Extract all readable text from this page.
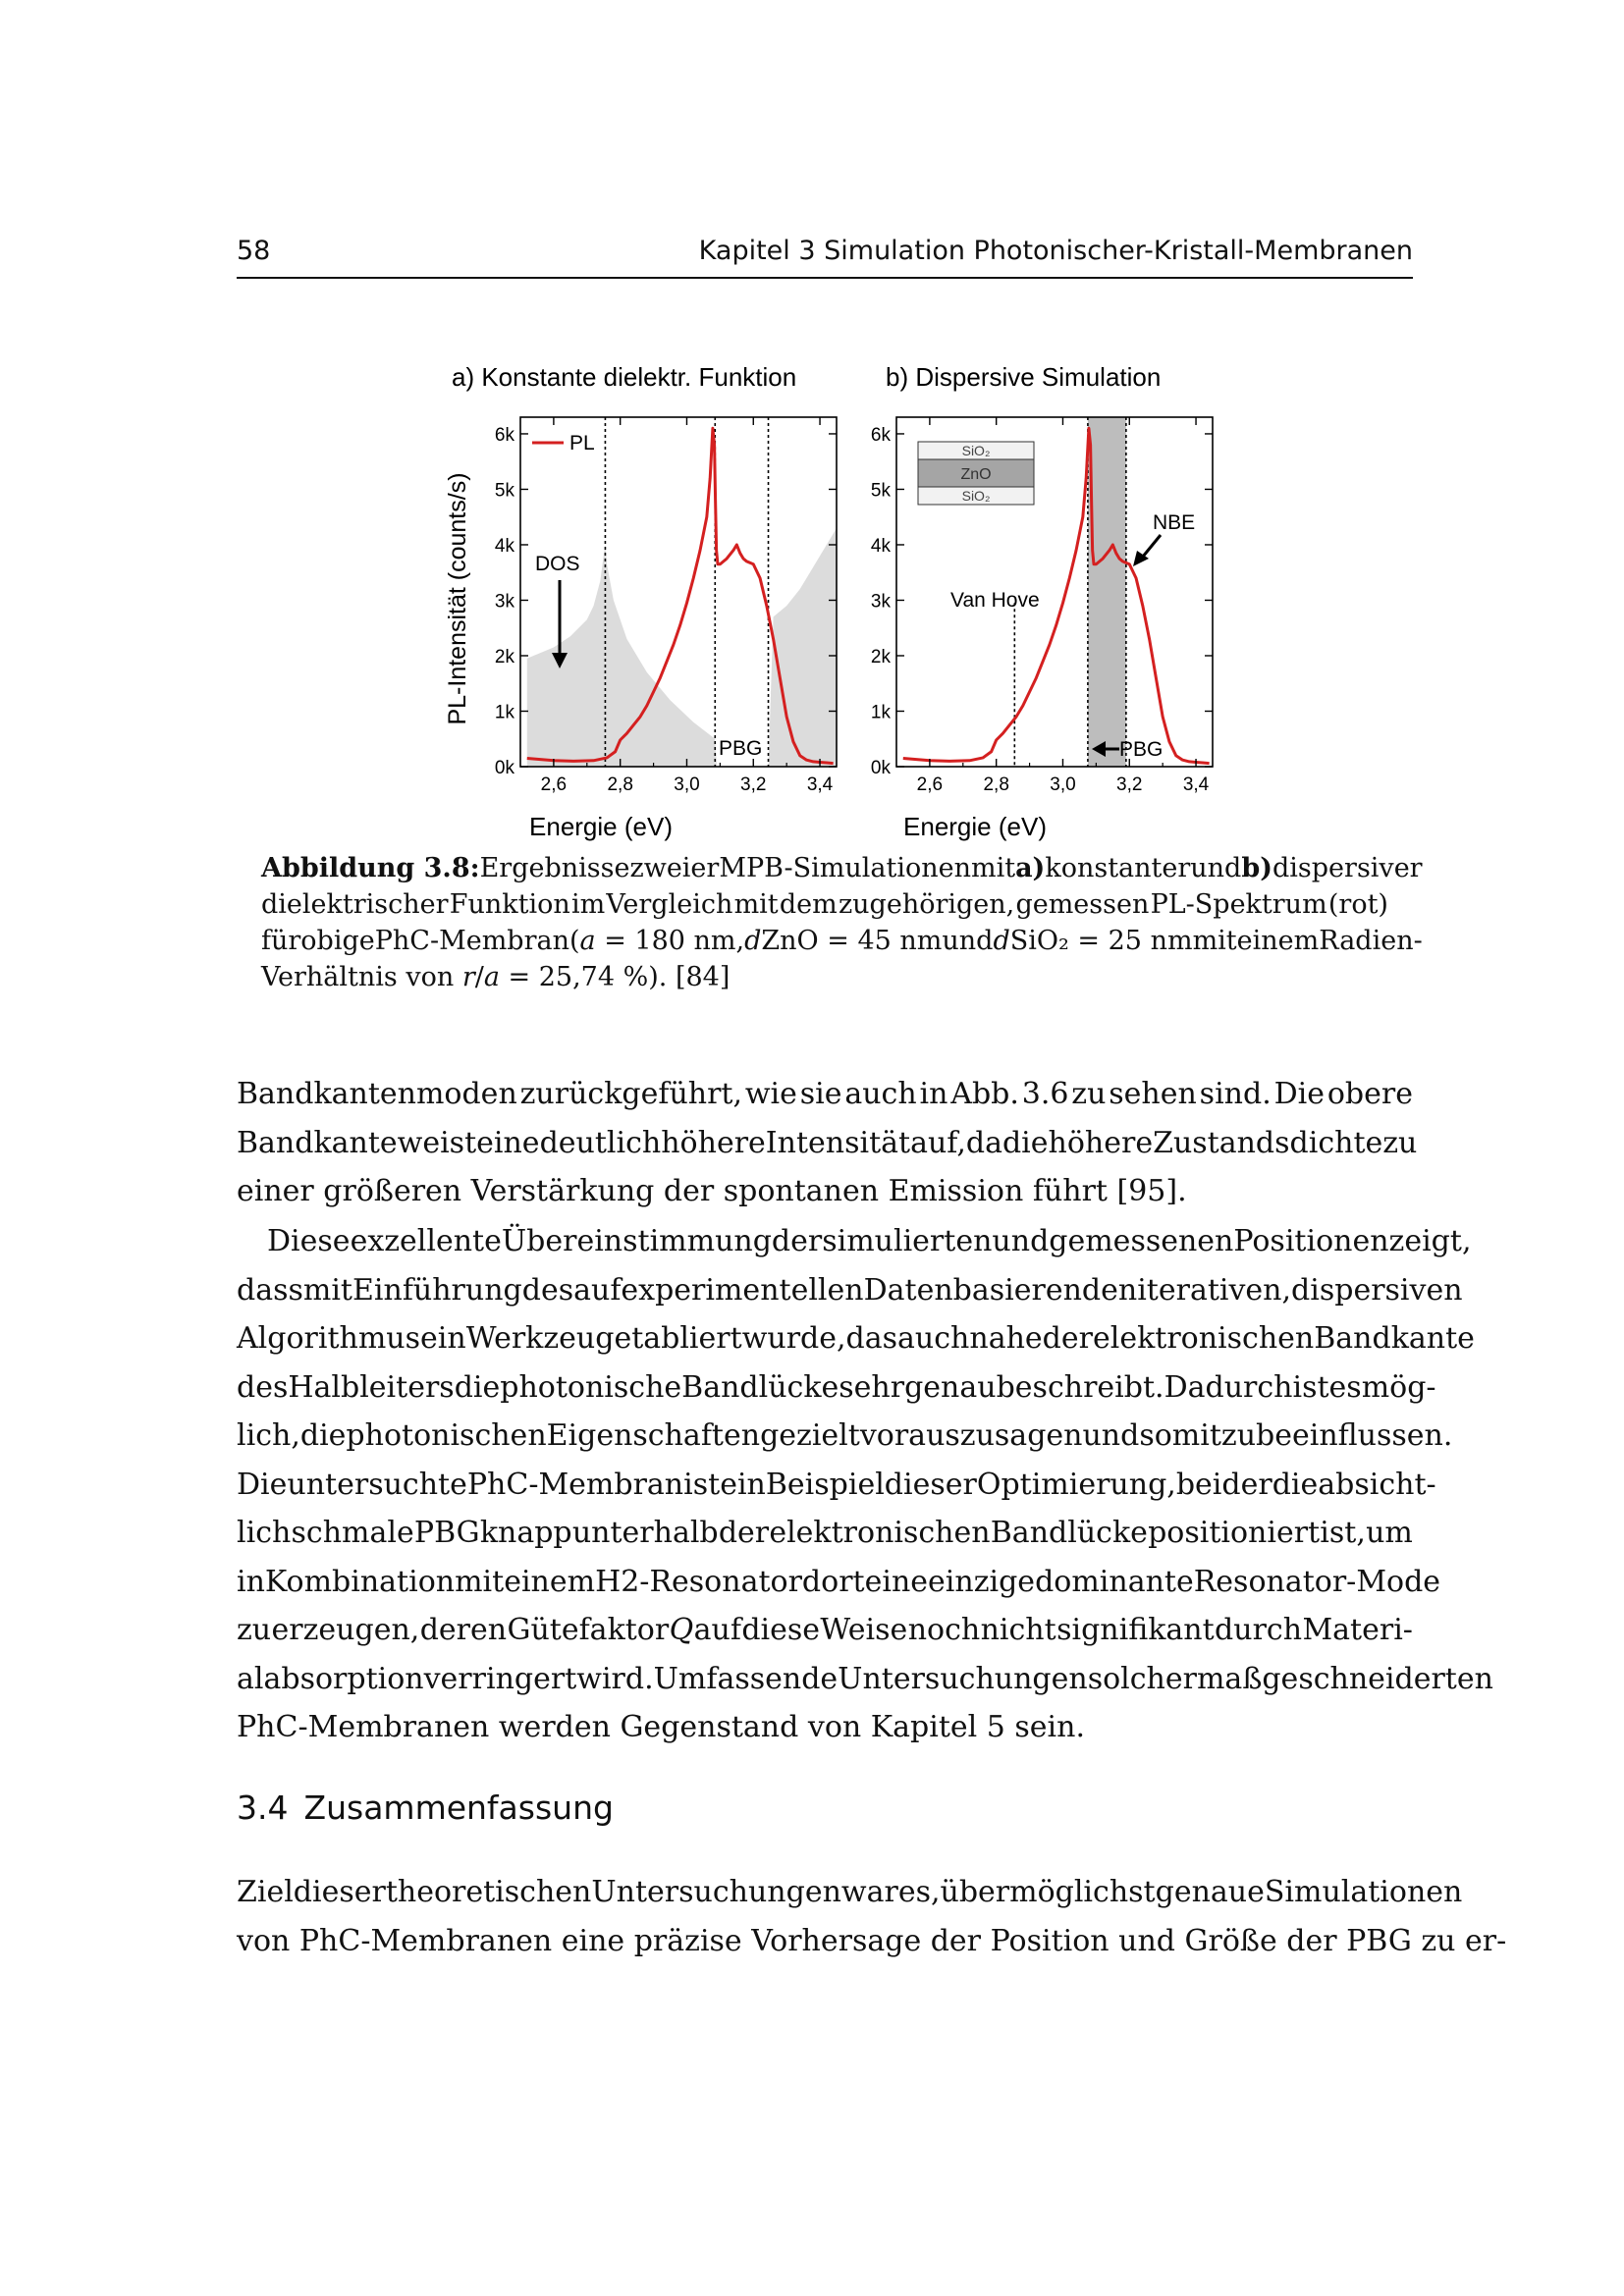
58	Kapitel 3 Simulation Photonischer-Kristall-Membranen
a) Konstante dielektr. Funktion	b) Dispersive Simulation
PL-Intensität (counts/s)
2,6 2,8 3,0 3,2 3,4
0k
1k
2k
3k
4k
5k
6k
2,6 2,8 3,0 3,2 3,4
0k
1k
2k
3k
4k
5k
6k
Energie (eV)	Energie (eV)
PL
DOS
PBG
SiO₂
ZnO
SiO₂
Van Hove
NBE
PBG
Abbildung 3.8: Ergebnisse zweier MPB-Simulationen mit a) konstanter und b) dispersiver
dielektrischer Funktion im Vergleich mit dem zugehörigen, gemessen PL-Spektrum (rot)
für obige PhC-Membran (𝑎 = 180 nm, 𝑑ZnO = 45 nm und 𝑑SiO₂ = 25 nm mit einem Radien-
Verhältnis von 𝑟/𝑎 = 25,74 %). [84]
Bandkantenmoden zurückgeführt, wie sie auch in Abb. 3.6 zu sehen sind. Die obere
Bandkante weist eine deutlich höhere Intensität auf, da die höhere Zustandsdichte zu
einer größeren Verstärkung der spontanen Emission führt [95].
Diese exzellente Übereinstimmung der simulierten und gemessenen Positionen zeigt,
dass mit Einführung des auf experimentellen Daten basierenden iterativen, dispersiven
Algorithmus ein Werkzeug etabliert wurde, das auch nahe der elektronischen Bandkante
des Halbleiters die photonische Bandlücke sehr genau beschreibt. Dadurch ist es mög-
lich, die photonischen Eigenschaften gezielt vorauszusagen und somit zu beeinflussen.
Die untersuchte PhC-Membran ist ein Beispiel dieser Optimierung, bei der die absicht-
lich schmale PBG knapp unterhalb der elektronischen Bandlücke positioniert ist, um
in Kombination mit einem H2-Resonator dort eine einzige dominante Resonator-Mode
zu erzeugen, deren Gütefaktor 𝑄 auf diese Weise noch nicht signifikant durch Materi-
alabsorption verringert wird. Umfassende Untersuchungen solcher maßgeschneiderten
PhC-Membranen werden Gegenstand von Kapitel 5 sein.
3.4 Zusammenfassung
Ziel dieser theoretischen Untersuchungen war es, über möglichst genaue Simulationen
von PhC-Membranen eine präzise Vorhersage der Position und Größe der PBG zu er-
